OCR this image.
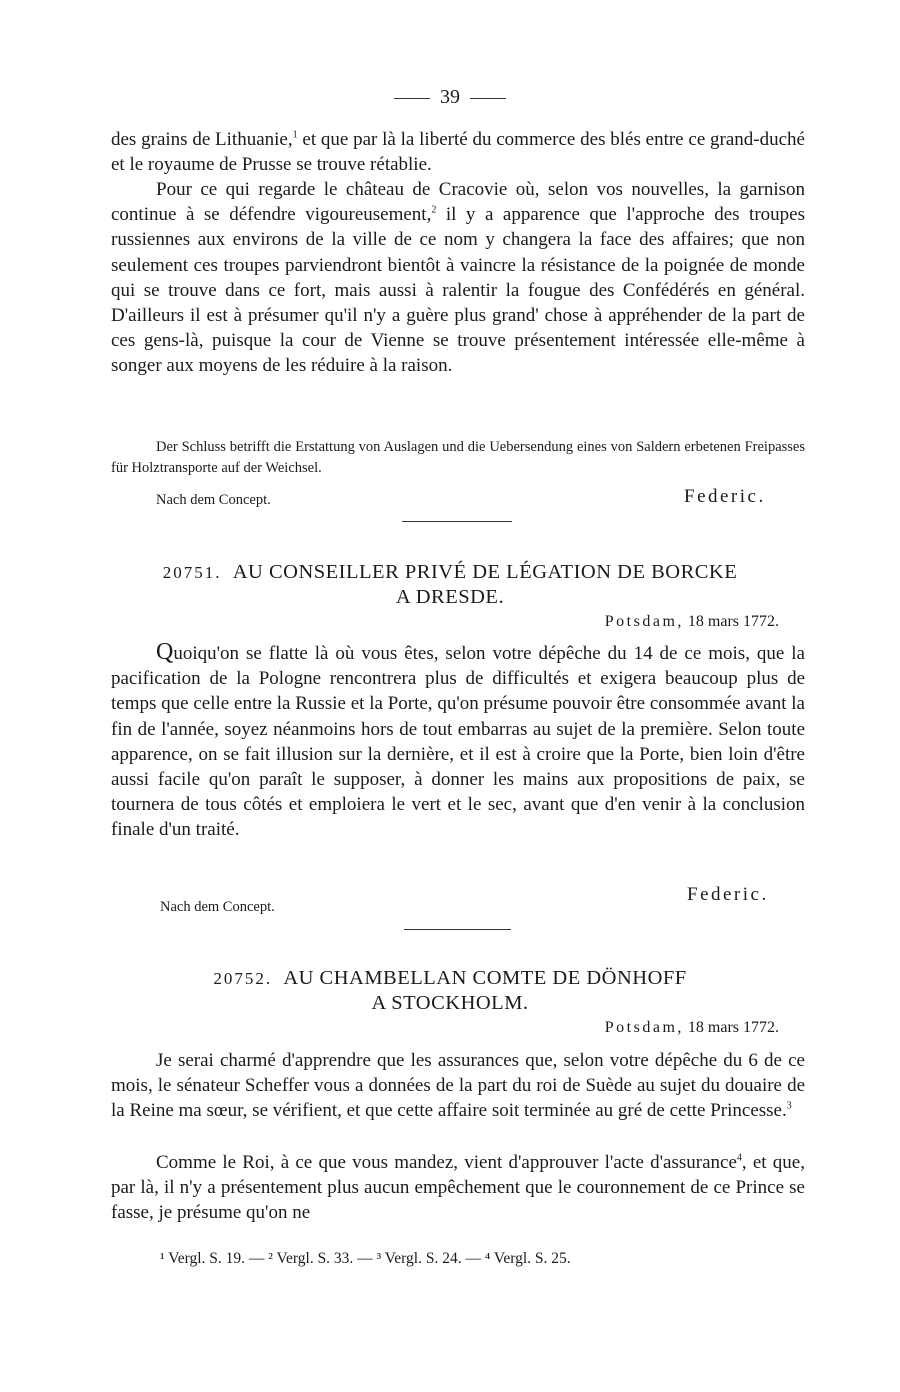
39

des grains de Lithuanie,$^1$ et que par là la liberté du commerce des blés entre ce grand-duché et le royaume de Prusse se trouve rétablie.

Pour ce qui regarde le château de Cracovie où, selon vos nouvelles, la garnison continue à se défendre vigoureusement,$^2$ il y a apparence que l'approche des troupes russiennes aux environs de la ville de ce nom y changera la face des affaires; que non seulement ces troupes parviendront bientôt à vaincre la résistance de la poignée de monde qui se trouve dans ce fort, mais aussi à ralentir la fougue des Confédérés en général. D'ailleurs il est à présumer qu'il n'y a guère plus grand' chose à appréhender de la part de ces gens-là, puisque la cour de Vienne se trouve présentement intéressée elle-même à songer aux moyens de les réduire à la raison.

Der Schluss betrifft die Erstattung von Auslagen und die Uebersendung eines von Saldern erbetenen Freipasses für Holztransporte auf der Weichsel.

Nach dem Concept.	Federic.
20751. AU CONSEILLER PRIVÉ DE LÉGATION DE BORCKE
A DRESDE.
Potsdam, 18 mars 1772.

Quoiqu'on se flatte là où vous êtes, selon votre dépêche du 14 de ce mois, que la pacification de la Pologne rencontrera plus de difficultés et exigera beaucoup plus de temps que celle entre la Russie et la Porte, qu'on présume pouvoir être consommée avant la fin de l'année, soyez néanmoins hors de tout embarras au sujet de la première. Selon toute apparence, on se fait illusion sur la dernière, et il est à croire que la Porte, bien loin d'être aussi facile qu'on paraît le supposer, à donner les mains aux propositions de paix, se tournera de tous côtés et emploiera le vert et le sec, avant que d'en venir à la conclusion finale d'un traité.

Federic.
Nach dem Concept.
20752. AU CHAMBELLAN COMTE DE DÖNHOFF
A STOCKHOLM.
Potsdam, 18 mars 1772.

Je serai charmé d'apprendre que les assurances que, selon votre dépêche du 6 de ce mois, le sénateur Scheffer vous a données de la part du roi de Suède au sujet du douaire de la Reine ma sœur, se vérifient, et que cette affaire soit terminée au gré de cette Princesse.$^3$

Comme le Roi, à ce que vous mandez, vient d'approuver l'acte d'assurance$^4$, et que, par là, il n'y a présentement plus aucun empêchement que le couronnement de ce Prince se fasse, je présume qu'on ne

¹ Vergl. S. 19. — ² Vergl. S. 33. — ³ Vergl. S. 24. — ⁴ Vergl. S. 25.
